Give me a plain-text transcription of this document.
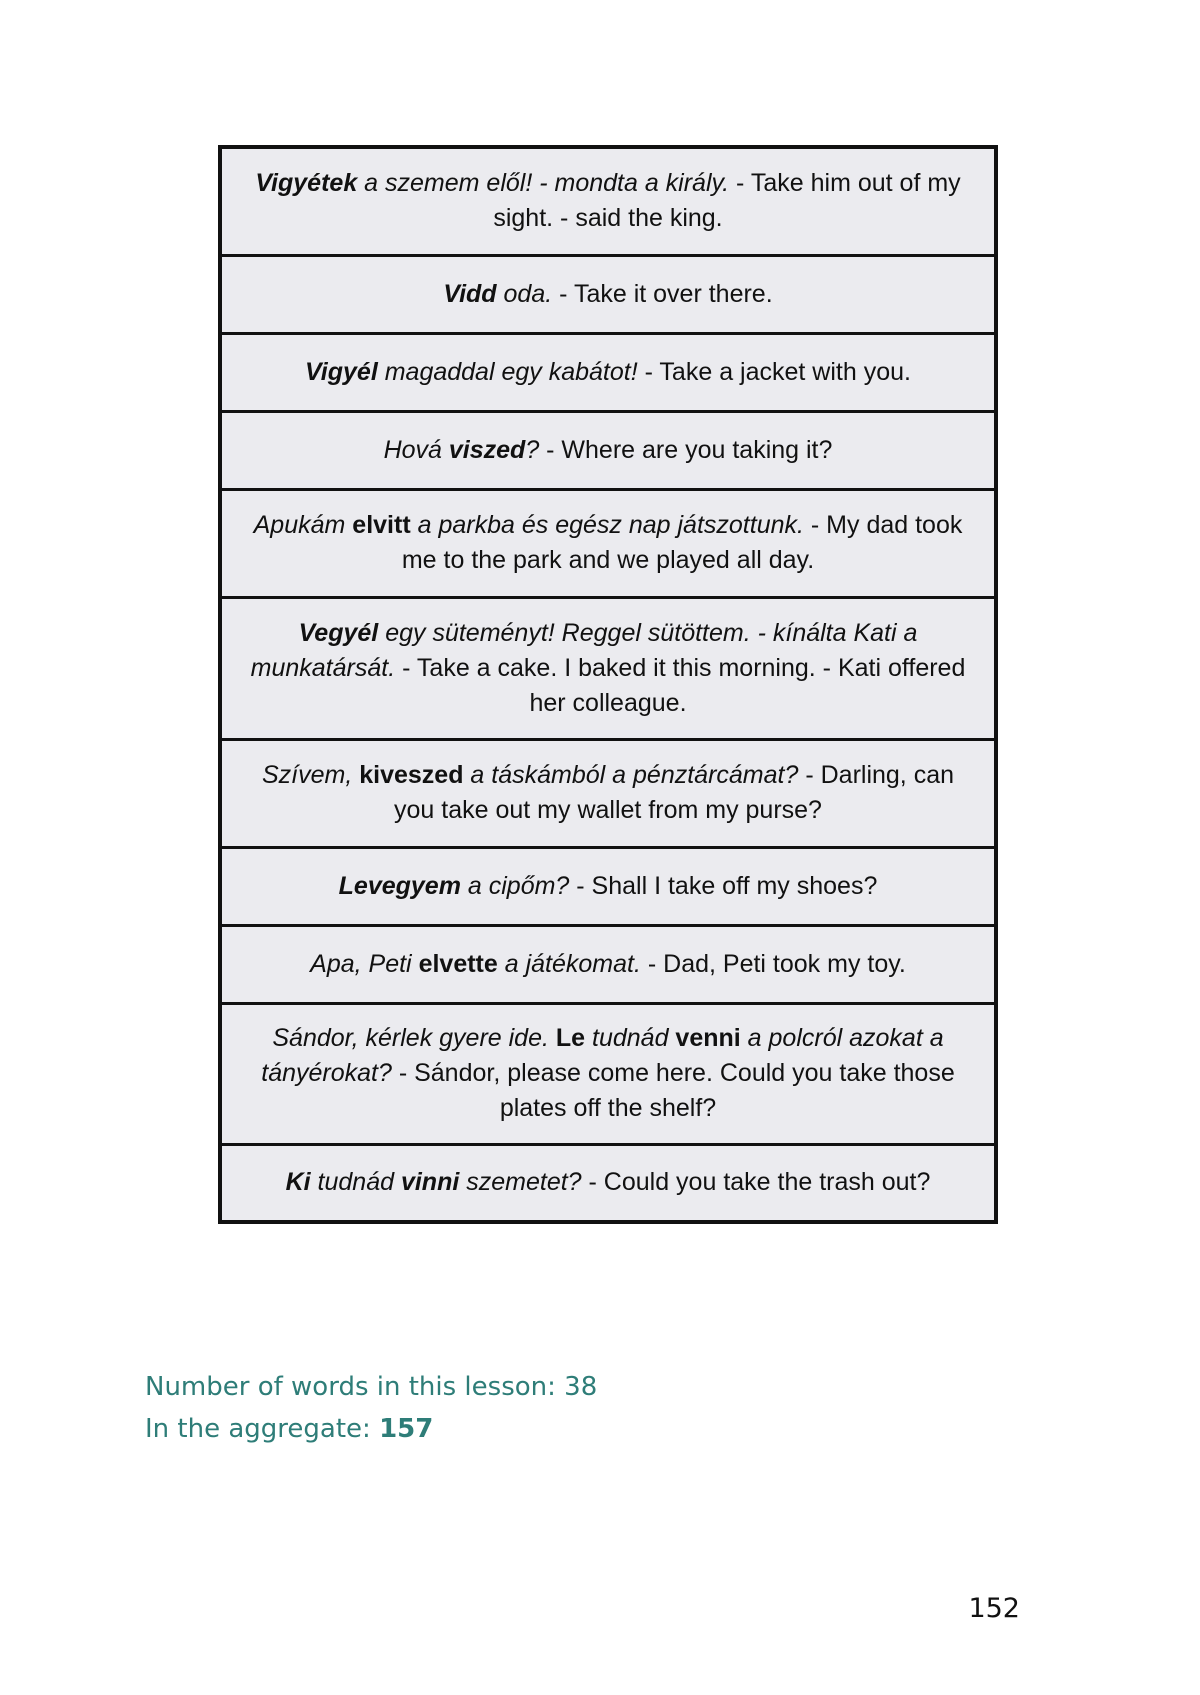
Vigyétek a szemem elől! - mondta a király. - Take him out of my sight. - said the king.
Vidd oda. - Take it over there.
Vigyél magaddal egy kabátot! - Take a jacket with you.
Hová viszed? - Where are you taking it?
Apukám elvitt a parkba és egész nap játszottunk. - My dad took me to the park and we played all day.
Vegyél egy süteményt! Reggel sütöttem. - kínálta Kati a munkatársát. - Take a cake. I baked it this morning. - Kati offered her colleague.
Szívem, kiveszed a táskámból a pénztárcámat? - Darling, can you take out my wallet from my purse?
Levegyem a cipőm? - Shall I take off my shoes?
Apa, Peti elvette a játékomat. - Dad, Peti took my toy.
Sándor, kérlek gyere ide. Le tudnád venni a polcról azokat a tányérokat? - Sándor, please come here. Could you take those plates off the shelf?
Ki tudnád vinni szemetet? - Could you take the trash out?
Number of words in this lesson: 38
In the aggregate: 157
152
